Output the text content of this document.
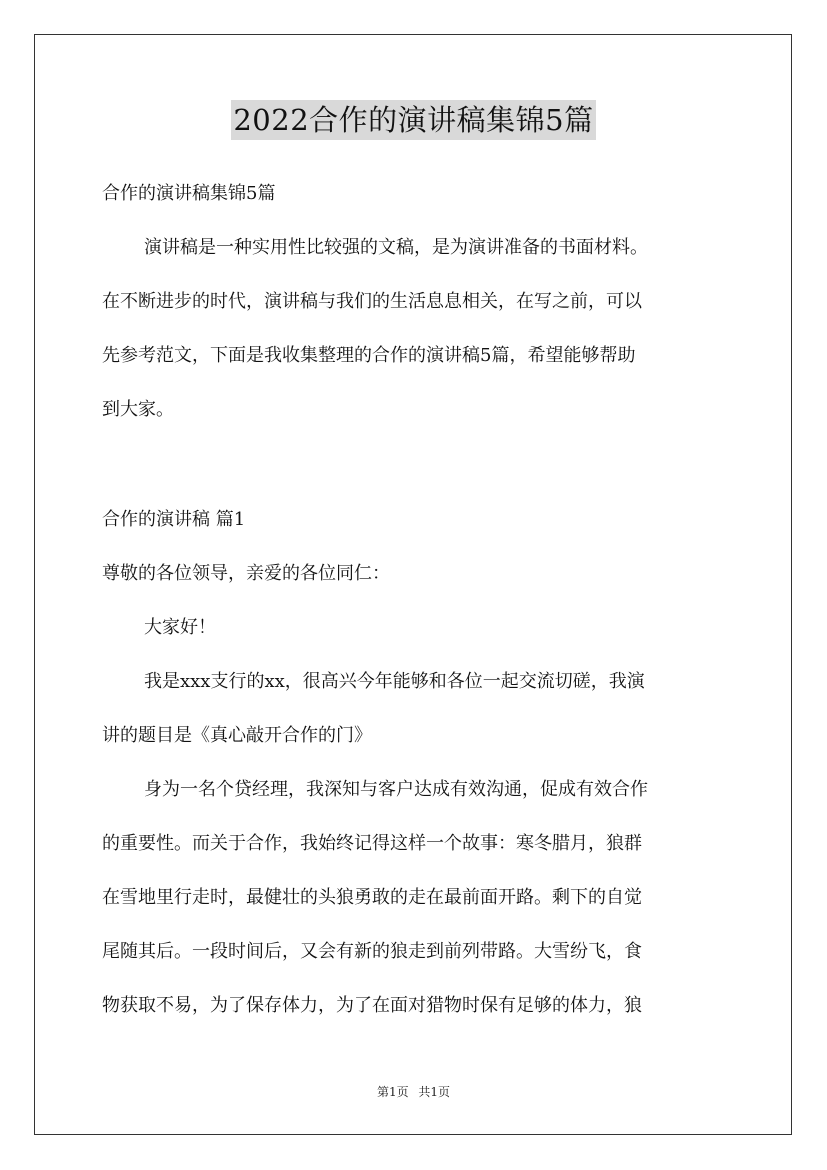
2022合作的演讲稿集锦5篇

合作的演讲稿集锦5篇

演讲稿是一种实用性比较强的文稿，是为演讲准备的书面材料。

在不断进步的时代，演讲稿与我们的生活息息相关，在写之前，可以

先参考范文，下面是我收集整理的合作的演讲稿5篇，希望能够帮助

到大家。

合作的演讲稿 篇1

尊敬的各位领导，亲爱的各位同仁：

大家好！

我是xxx支行的xx，很高兴今年能够和各位一起交流切磋，我演

讲的题目是《真心敲开合作的门》

身为一名个贷经理，我深知与客户达成有效沟通，促成有效合作

的重要性。而关于合作，我始终记得这样一个故事：寒冬腊月，狼群

在雪地里行走时，最健壮的头狼勇敢的走在最前面开路。剩下的自觉

尾随其后。一段时间后，又会有新的狼走到前列带路。大雪纷飞，食

物获取不易，为了保存体力，为了在面对猎物时保有足够的体力，狼

第1页 共1页
